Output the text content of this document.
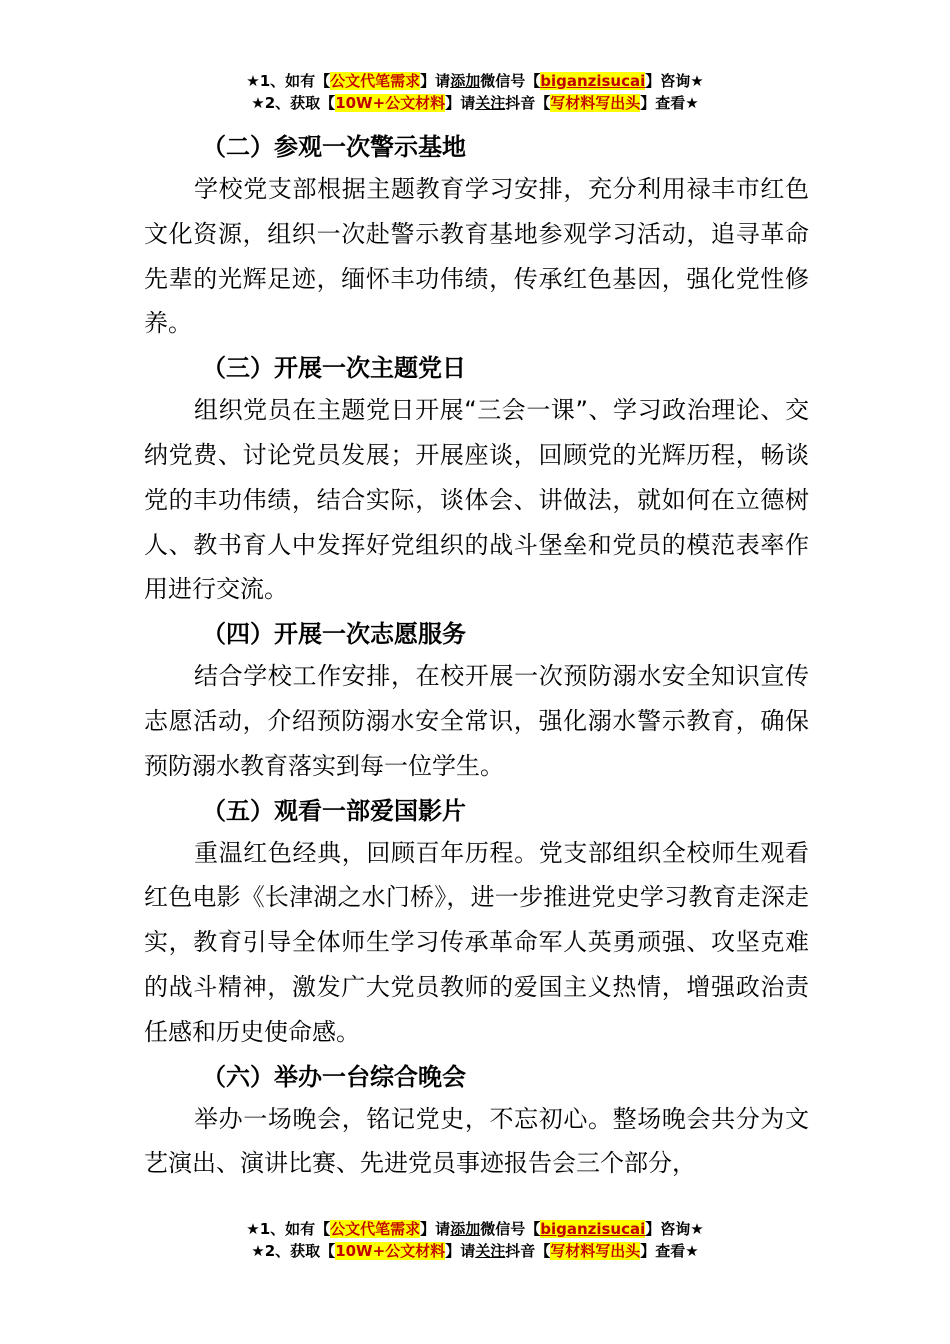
★1、如有【公文代笔需求】请添加微信号【biganzisucai】咨询★
★2、获取【10W+公文材料】请关注抖音【写材料写出头】查看★
（二）参观一次警示基地

学校党支部根据主题教育学习安排，充分利用禄丰市红色文化资源，组织一次赴警示教育基地参观学习活动，追寻革命先辈的光辉足迹，缅怀丰功伟绩，传承红色基因，强化党性修养。

（三）开展一次主题党日

组织党员在主题党日开展“三会一课”、学习政治理论、交纳党费、讨论党员发展；开展座谈，回顾党的光辉历程，畅谈党的丰功伟绩，结合实际，谈体会、讲做法，就如何在立德树人、教书育人中发挥好党组织的战斗堡垒和党员的模范表率作用进行交流。

（四）开展一次志愿服务

结合学校工作安排，在校开展一次预防溺水安全知识宣传志愿活动，介绍预防溺水安全常识，强化溺水警示教育，确保预防溺水教育落实到每一位学生。

（五）观看一部爱国影片

重温红色经典，回顾百年历程。党支部组织全校师生观看红色电影《长津湖之水门桥》，进一步推进党史学习教育走深走实，教育引导全体师生学习传承革命军人英勇顽强、攻坚克难的战斗精神，激发广大党员教师的爱国主义热情，增强政治责任感和历史使命感。

（六）举办一台综合晚会

举办一场晚会，铭记党史，不忘初心。整场晚会共分为文艺演出、演讲比赛、先进党员事迹报告会三个部分，

★1、如有【公文代笔需求】请添加微信号【biganzisucai】咨询★
★2、获取【10W+公文材料】请关注抖音【写材料写出头】查看★
